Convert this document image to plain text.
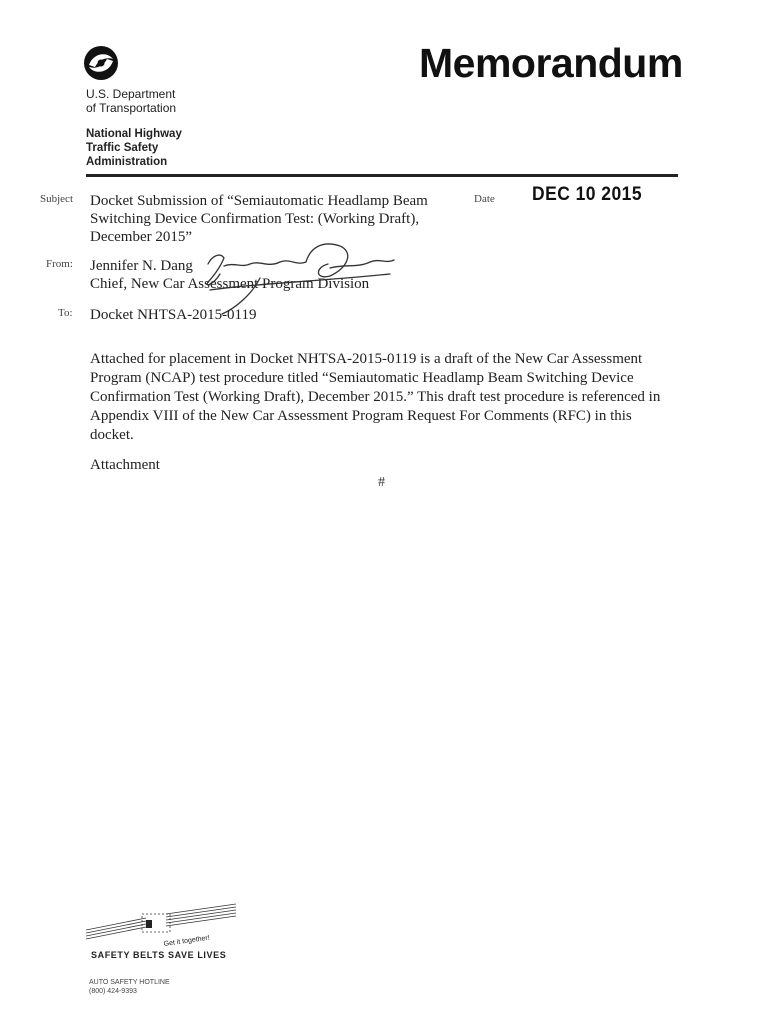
Memorandum
U.S. Department
of Transportation
National Highway
Traffic Safety
Administration
Subject Docket Submission of “Semiautomatic Headlamp Beam
Switching Device Confirmation Test: (Working Draft),
December 2015”
Date DEC 10 2015
From: Jennifer N. Dang
Chief, New Car Assessment Program Division
To: Docket NHTSA-2015-0119
Attached for placement in Docket NHTSA-2015-0119 is a draft of the New Car Assessment
Program (NCAP) test procedure titled “Semiautomatic Headlamp Beam Switching Device
Confirmation Test (Working Draft), December 2015.” This draft test procedure is referenced in
Appendix VIII of the New Car Assessment Program Request For Comments (RFC) in this
docket.
Attachment
#
Get it together!
SAFETY BELTS SAVE LIVES
AUTO SAFETY HOTLINE
(800) 424-9393
